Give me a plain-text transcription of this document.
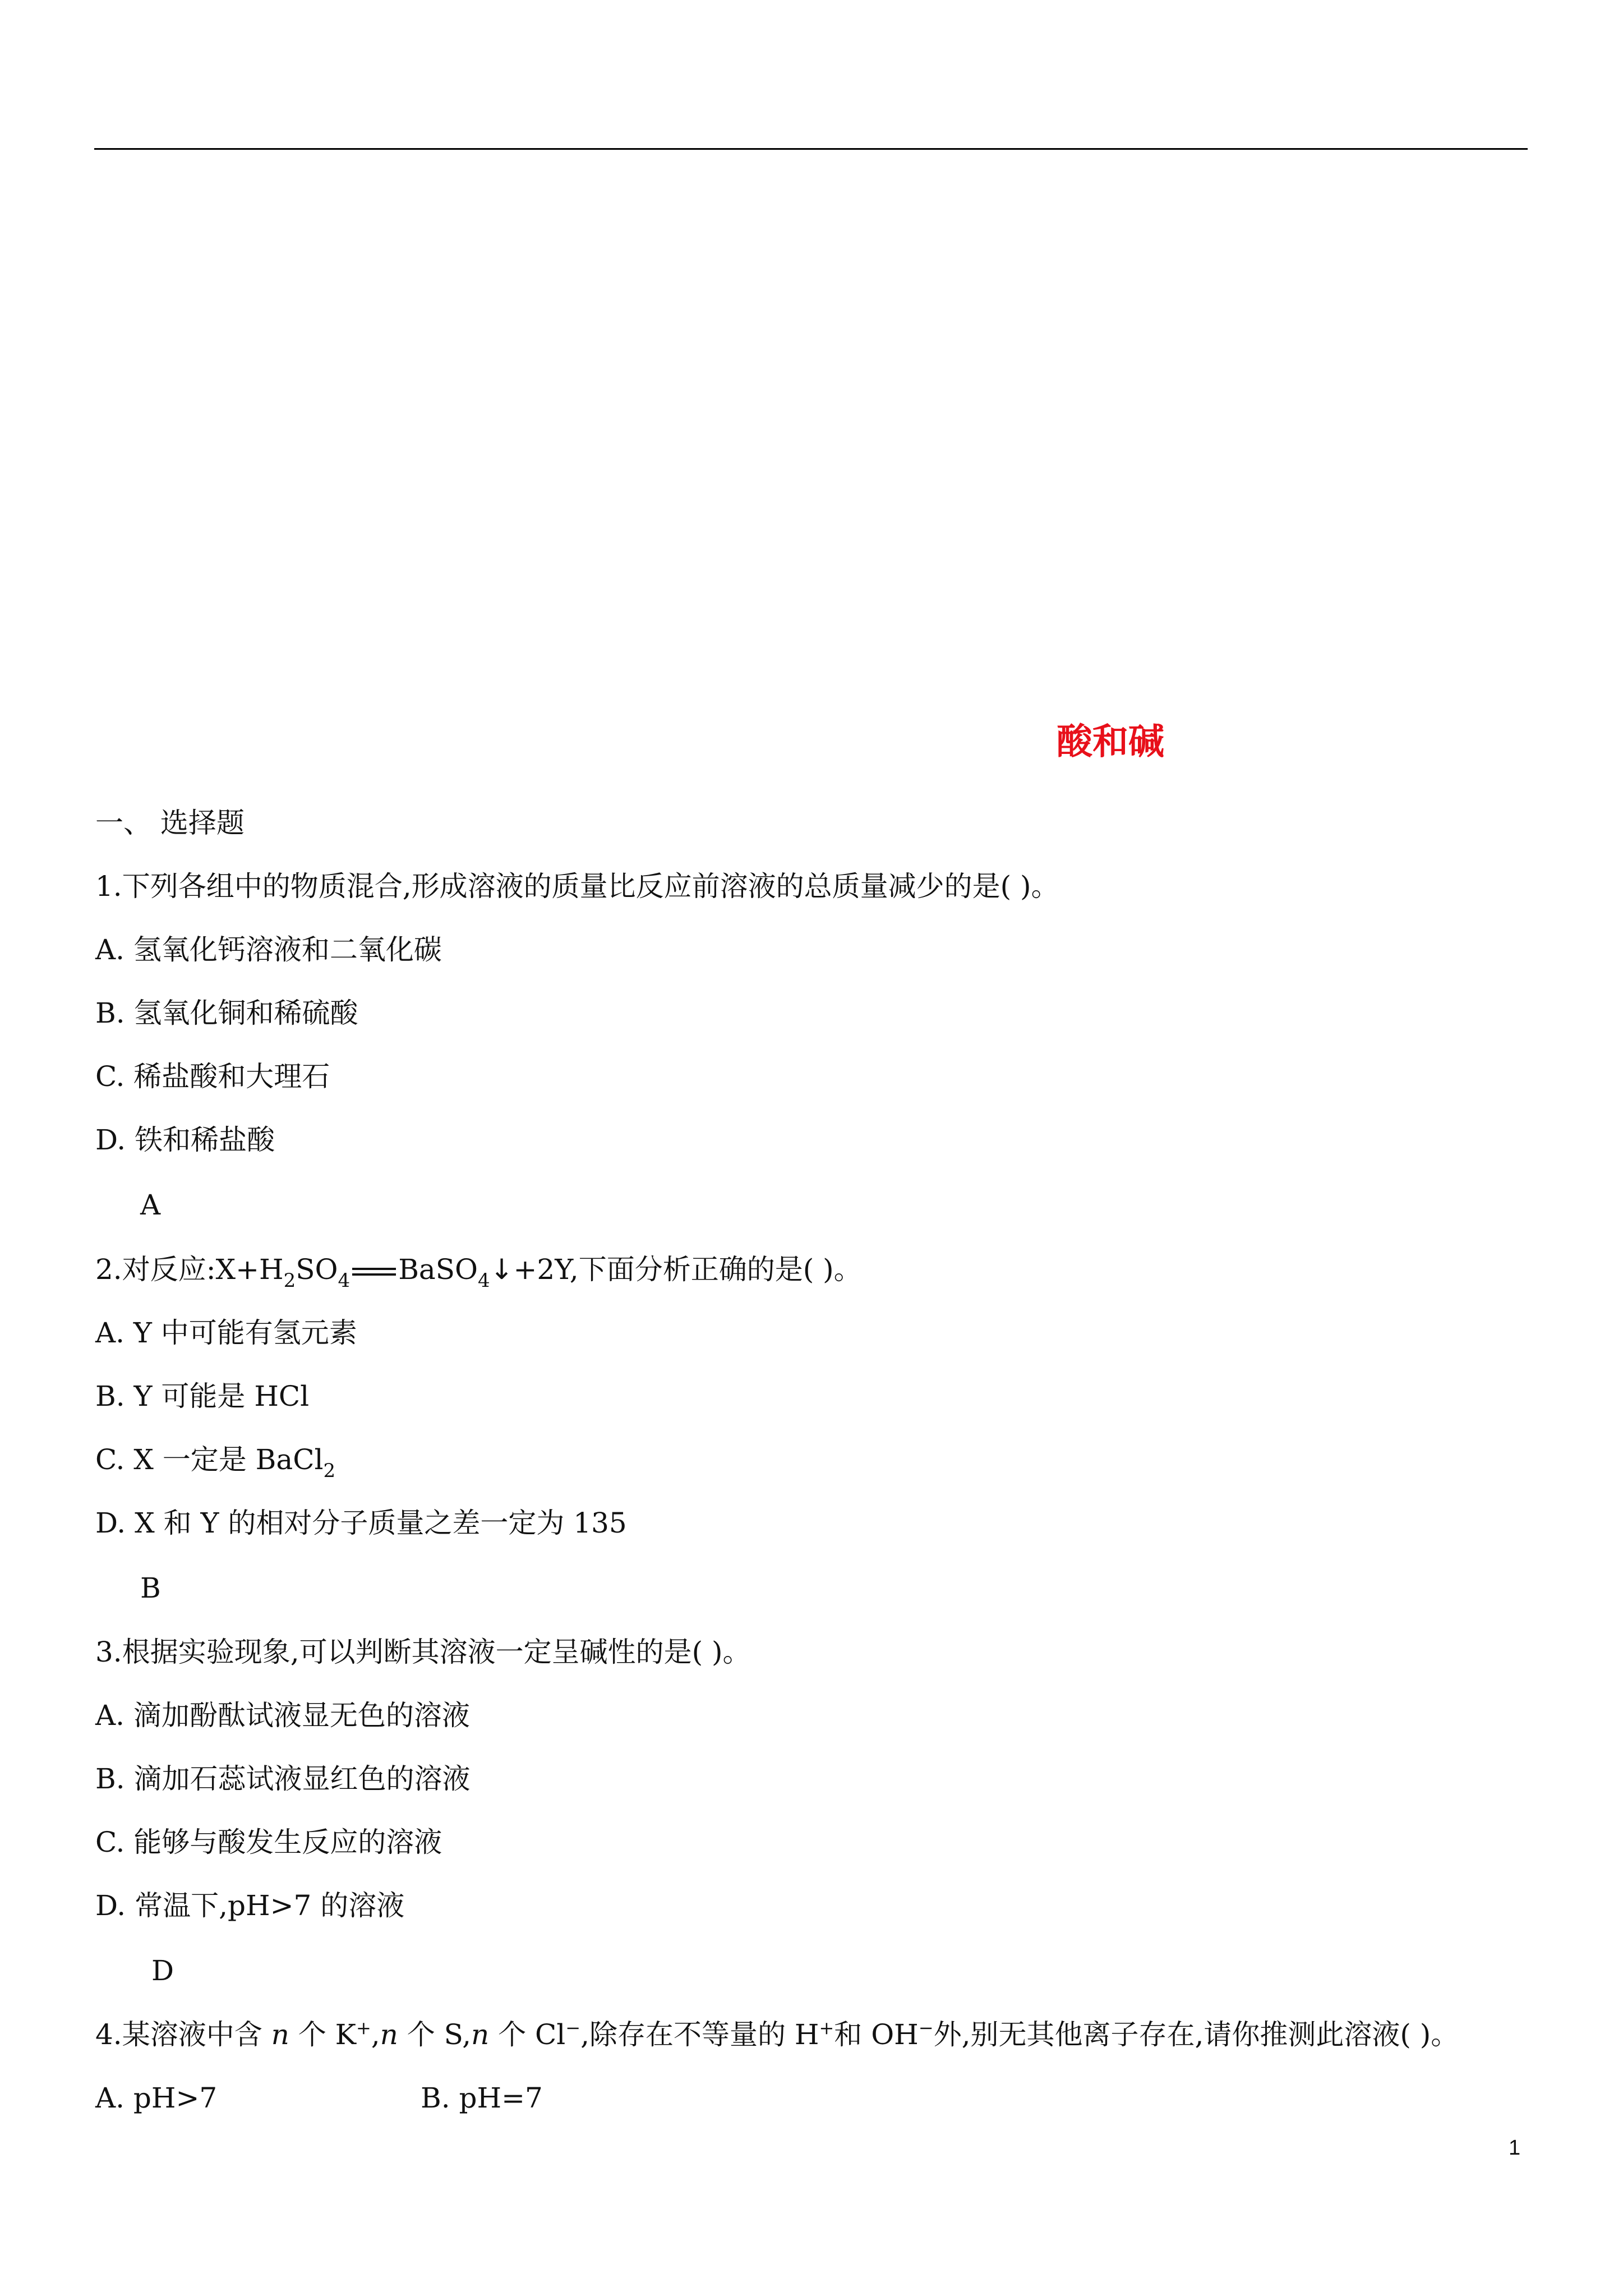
酸和碱
一、 选择题
1.下列各组中的物质混合,形成溶液的质量比反应前溶液的总质量减少的是( )。
A. 氢氧化钙溶液和二氧化碳
B. 氢氧化铜和稀硫酸
C. 稀盐酸和大理石
D. 铁和稀盐酸
A
2.对反应$:X+H_2SO_4$ BaSO$_4$↓+2Y,下面分析正确的是( )。
A. Y 中可能有氢元素
B. Y 可能是 HCl
C. X 一定是 BaCl$_2$
D. X 和 Y 的相对分子质量之差一定为 135
B
3.根据实验现象,可以判断其溶液一定呈碱性的是( )。
A. 滴加酚酞试液显无色的溶液
B. 滴加石蕊试液显红色的溶液
C. 能够与酸发生反应的溶液
D. 常温下,pH>7 的溶液
D
4.某溶液中含 n 个 K+,n 个 S,n 个 Cl−,除存在不等量的 H+和 OH−外,别无其他离子存在,请你推测此溶液( )。
A. pH>7	B. pH=7
1
